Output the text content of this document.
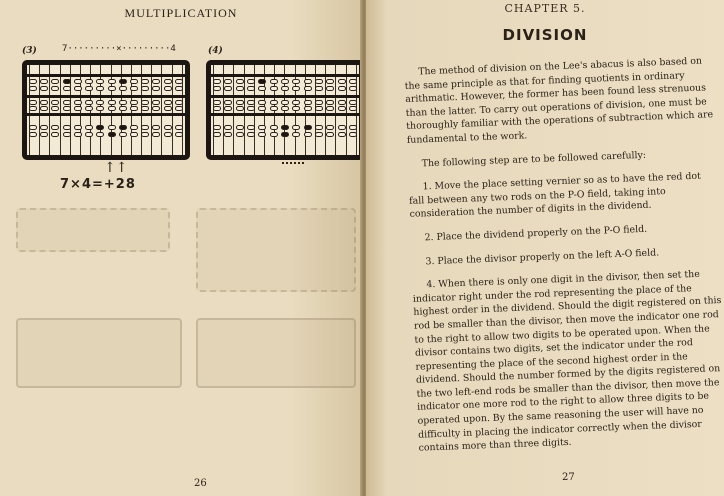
MULTIPLICATION
(3)	(4)
7·········×·········4
↑↑
7×4=+28
26
CHAPTER 5.
DIVISION

The method of division on the Lee's abacus is also based on the same principle as that for finding quotients in ordinary arithmatic. However, the former has been found less strenuous than the latter. To carry out operations of division, one must be thoroughly familiar with the operations of subtraction which are fundamental to the work.

The following step are to be followed carefully:

1. Move the place setting vernier so as to have the red dot fall between any two rods on the P-O field, taking into consideration the number of digits in the dividend.

2. Place the dividend properly on the P-O field.

3. Place the divisor properly on the left A-O field.

4. When there is only one digit in the divisor, then set the indicator right under the rod representing the place of the highest order in the dividend. Should the digit registered on this rod be smaller than the divisor, then move the indicator one rod to the right to allow two digits to be operated upon. When the divisor contains two digits, set the indicator under the rod representing the place of the second highest order in the dividend. Should the number formed by the digits registered on the two left-end rods be smaller than the divisor, then move the indicator one more rod to the right to allow three digits to be operated upon. By the same reasoning the user will have no difficulty in placing the indicator correctly when the divisor contains more than three digits.

27
